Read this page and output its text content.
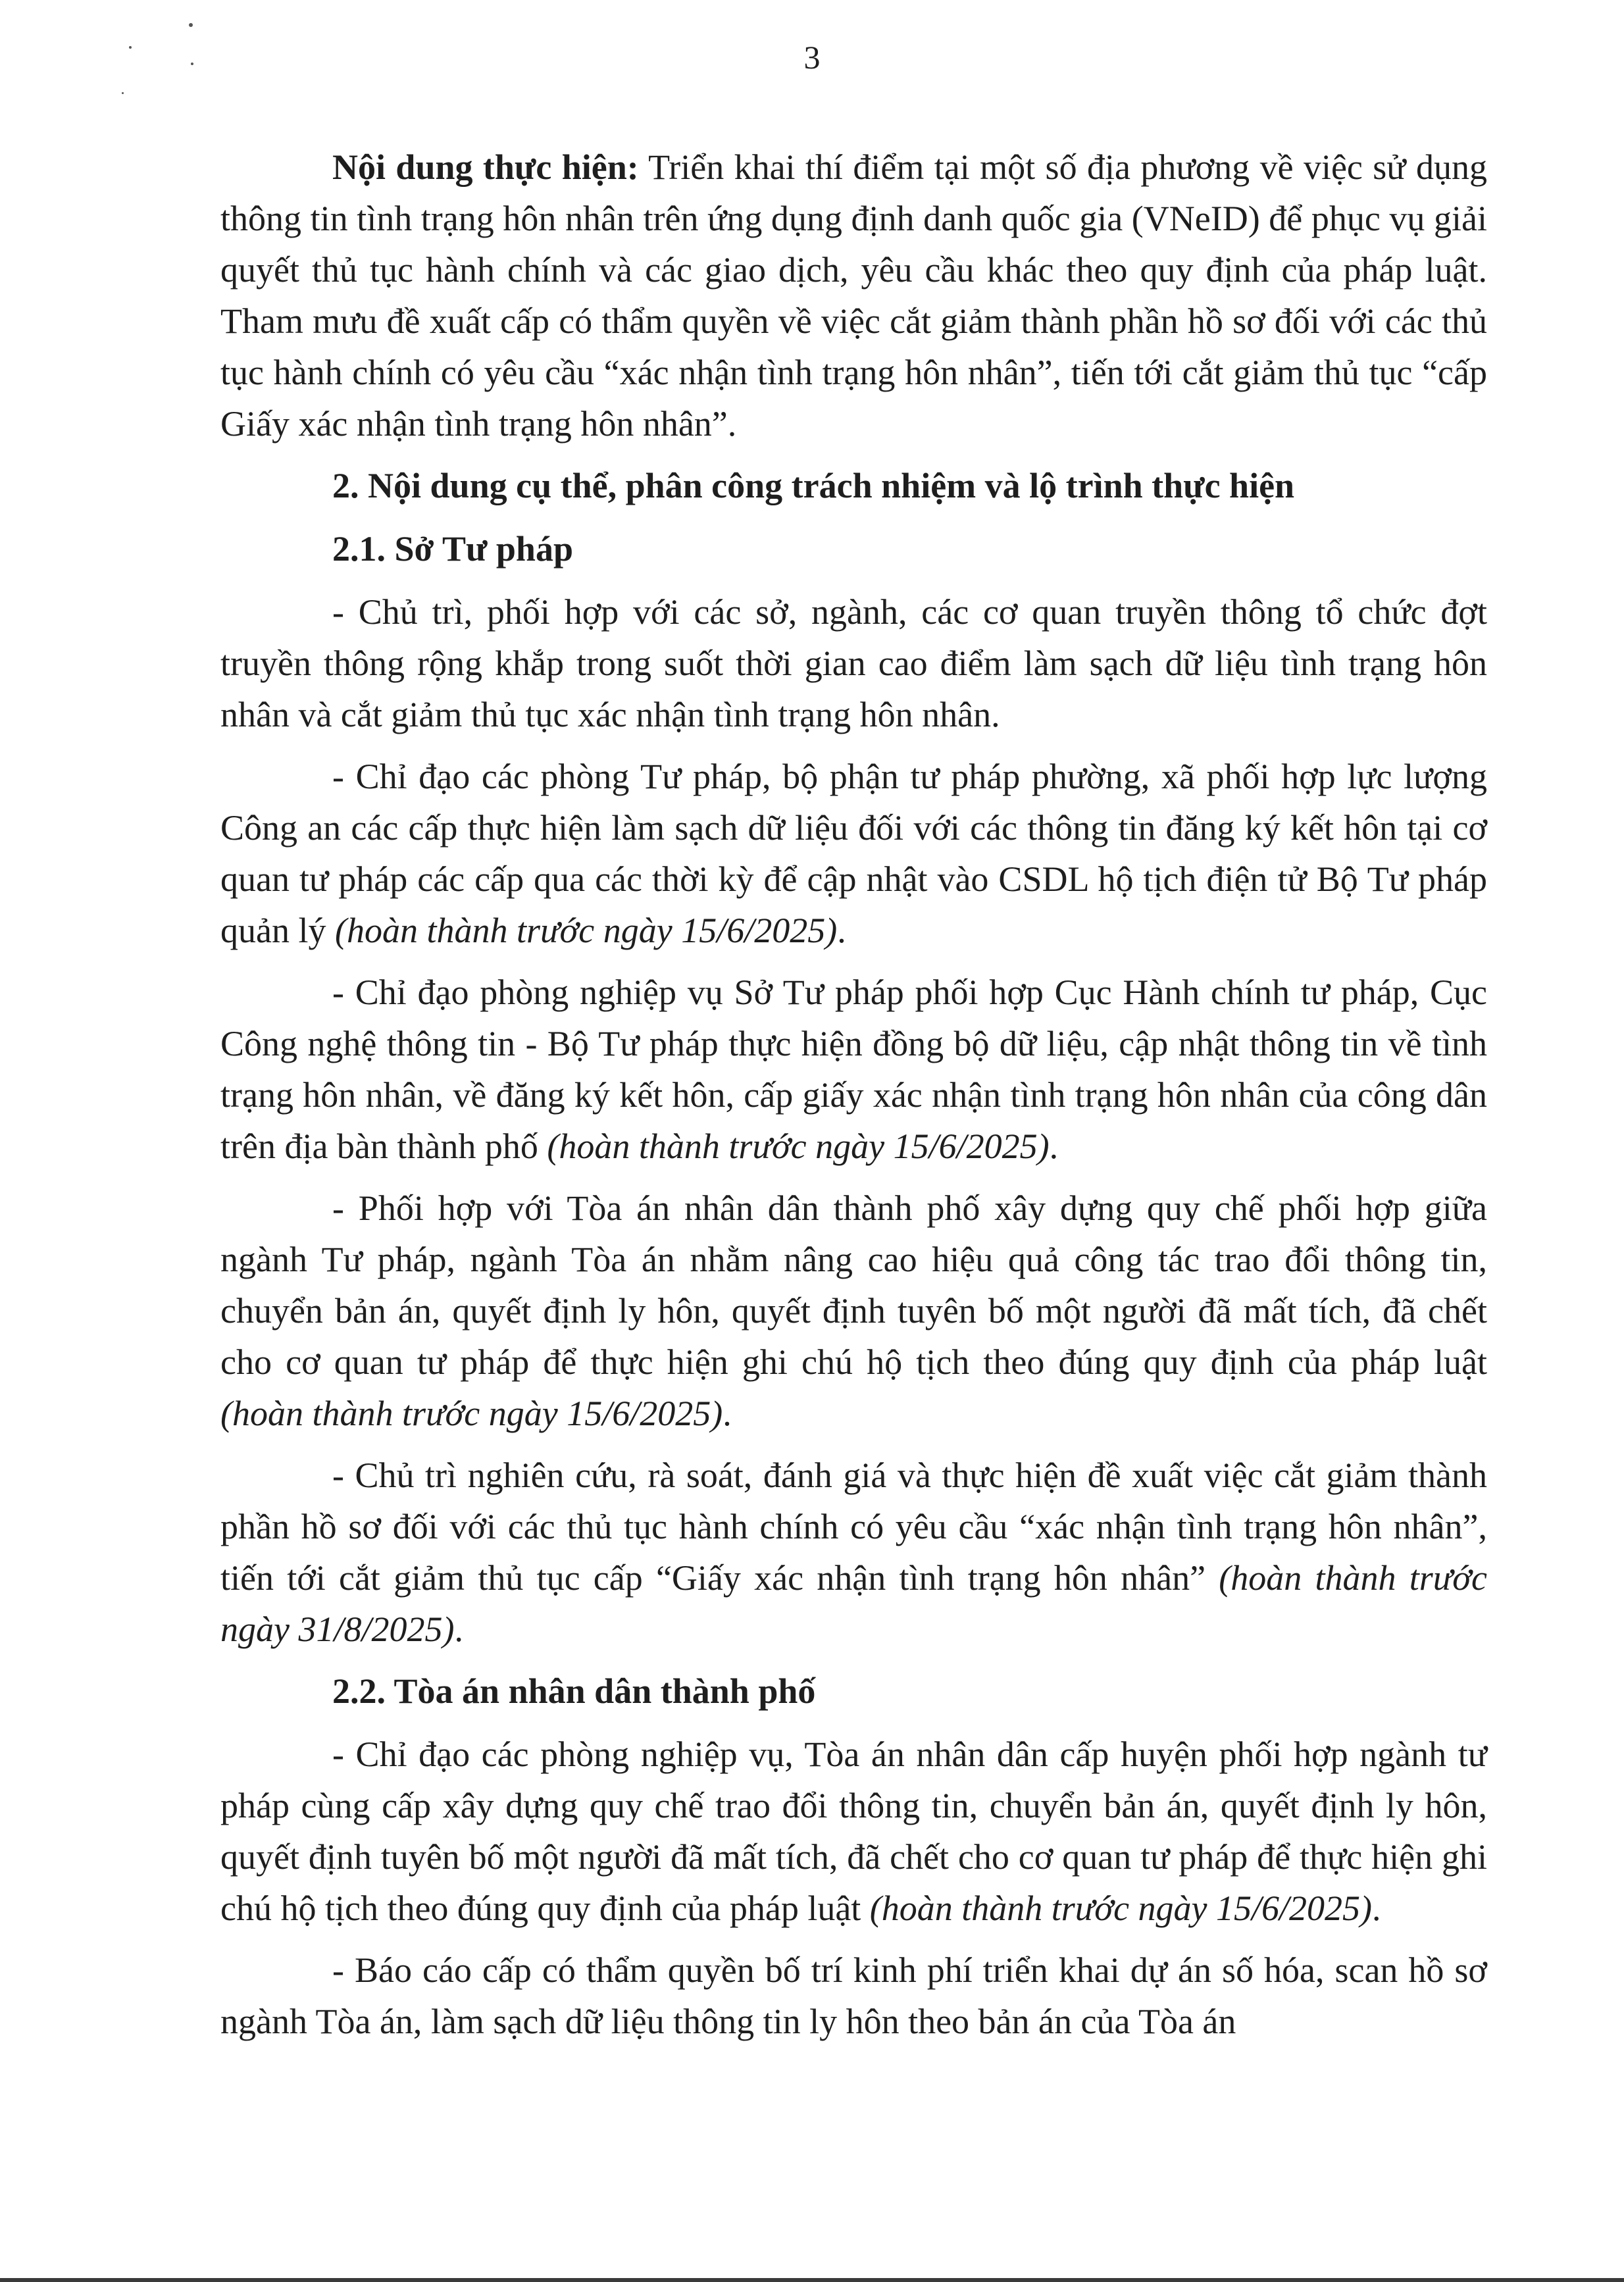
3

Nội dung thực hiện: Triển khai thí điểm tại một số địa phương về việc sử dụng thông tin tình trạng hôn nhân trên ứng dụng định danh quốc gia (VNeID) để phục vụ giải quyết thủ tục hành chính và các giao dịch, yêu cầu khác theo quy định của pháp luật. Tham mưu đề xuất cấp có thẩm quyền về việc cắt giảm thành phần hồ sơ đối với các thủ tục hành chính có yêu cầu “xác nhận tình trạng hôn nhân”, tiến tới cắt giảm thủ tục “cấp Giấy xác nhận tình trạng hôn nhân”.

2. Nội dung cụ thể, phân công trách nhiệm và lộ trình thực hiện

2.1. Sở Tư pháp

- Chủ trì, phối hợp với các sở, ngành, các cơ quan truyền thông tổ chức đợt truyền thông rộng khắp trong suốt thời gian cao điểm làm sạch dữ liệu tình trạng hôn nhân và cắt giảm thủ tục xác nhận tình trạng hôn nhân.

- Chỉ đạo các phòng Tư pháp, bộ phận tư pháp phường, xã phối hợp lực lượng Công an các cấp thực hiện làm sạch dữ liệu đối với các thông tin đăng ký kết hôn tại cơ quan tư pháp các cấp qua các thời kỳ để cập nhật vào CSDL hộ tịch điện tử Bộ Tư pháp quản lý (hoàn thành trước ngày 15/6/2025).

- Chỉ đạo phòng nghiệp vụ Sở Tư pháp phối hợp Cục Hành chính tư pháp, Cục Công nghệ thông tin - Bộ Tư pháp thực hiện đồng bộ dữ liệu, cập nhật thông tin về tình trạng hôn nhân, về đăng ký kết hôn, cấp giấy xác nhận tình trạng hôn nhân của công dân trên địa bàn thành phố (hoàn thành trước ngày 15/6/2025).

- Phối hợp với Tòa án nhân dân thành phố xây dựng quy chế phối hợp giữa ngành Tư pháp, ngành Tòa án nhằm nâng cao hiệu quả công tác trao đổi thông tin, chuyển bản án, quyết định ly hôn, quyết định tuyên bố một người đã mất tích, đã chết cho cơ quan tư pháp để thực hiện ghi chú hộ tịch theo đúng quy định của pháp luật (hoàn thành trước ngày 15/6/2025).

- Chủ trì nghiên cứu, rà soát, đánh giá và thực hiện đề xuất việc cắt giảm thành phần hồ sơ đối với các thủ tục hành chính có yêu cầu “xác nhận tình trạng hôn nhân”, tiến tới cắt giảm thủ tục cấp “Giấy xác nhận tình trạng hôn nhân” (hoàn thành trước ngày 31/8/2025).

2.2. Tòa án nhân dân thành phố

- Chỉ đạo các phòng nghiệp vụ, Tòa án nhân dân cấp huyện phối hợp ngành tư pháp cùng cấp xây dựng quy chế trao đổi thông tin, chuyển bản án, quyết định ly hôn, quyết định tuyên bố một người đã mất tích, đã chết cho cơ quan tư pháp để thực hiện ghi chú hộ tịch theo đúng quy định của pháp luật (hoàn thành trước ngày 15/6/2025).

- Báo cáo cấp có thẩm quyền bố trí kinh phí triển khai dự án số hóa, scan hồ sơ ngành Tòa án, làm sạch dữ liệu thông tin ly hôn theo bản án của Tòa án
